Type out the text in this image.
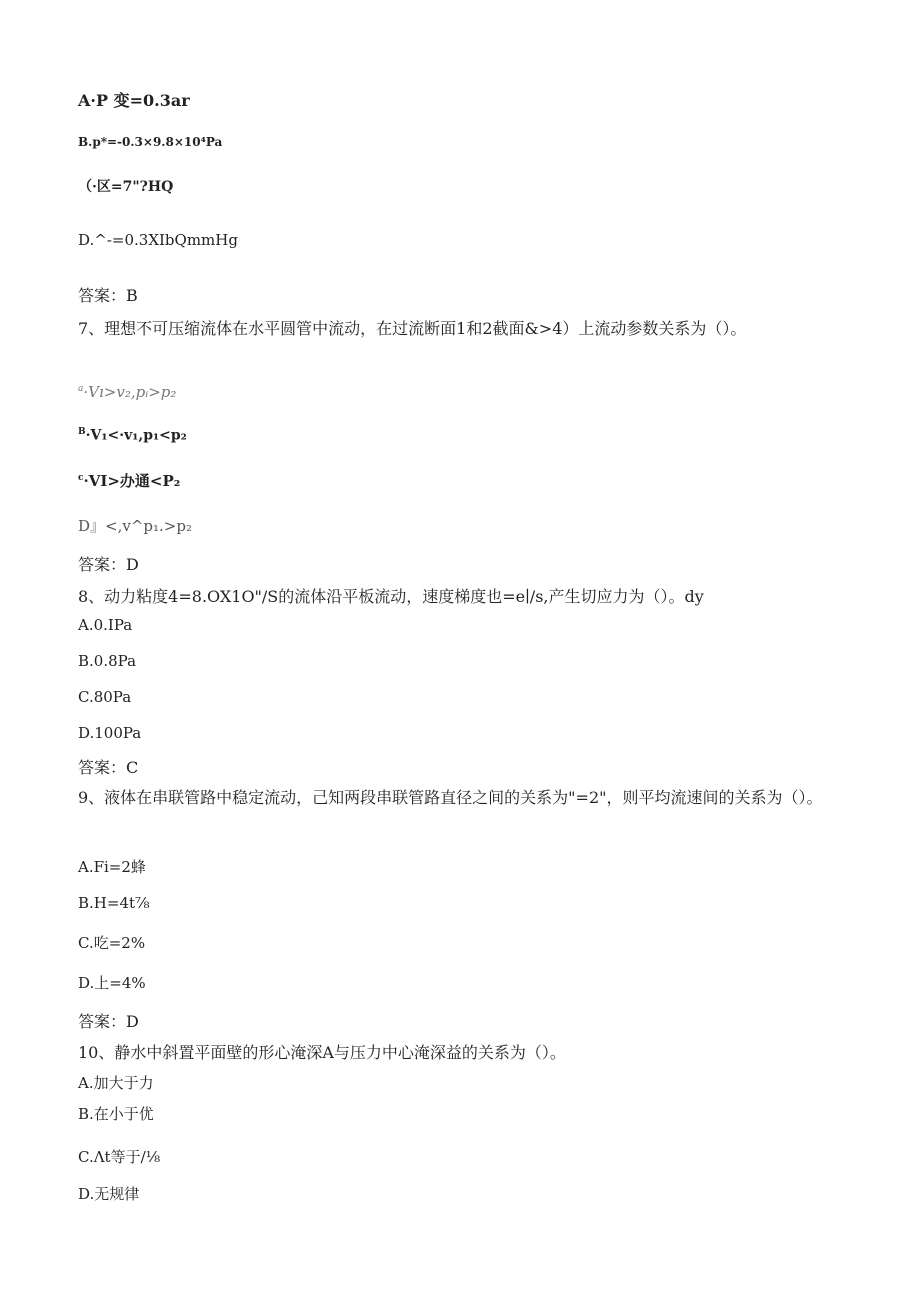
A·P 变=0.3ar
B.p*=-0.3×9.8×10⁴Pa
（·区=7"?HQ
D.^-=0.3XIbQmmHg
答案：B

7、理想不可压缩流体在水平圆管中流动，在过流断面1和2截面&>4）上流动参数关系为（）。

$^a$·Vı>v₂,pᵢ>p₂
$^B$·V₁<·v₁,p₁<p₂
$^c$·VI>办通<P₂
D』<,v^p₁.>p₂
答案：D
8、动力粘度4=8.OX1O"/S的流体沿平板流动，速度梯度也=e∣/s,产生切应力为（）。dy
A.0.IPa
B.0.8Pa
C.80Pa
D.100Pa
答案：C

9、液体在串联管路中稳定流动，己知两段串联管路直径之间的关系为"=2"，则平均流速间的关系为（）。

A.Fi=2蜂
B.H=4t⅞
C.吃=2%
D.上=4%
答案：D
10、静水中斜置平面壁的形心淹深A与压力中心淹深益的关系为（）。
A.加大于力
B.在小于优
C.Λt等于/⅛
D.无规律
